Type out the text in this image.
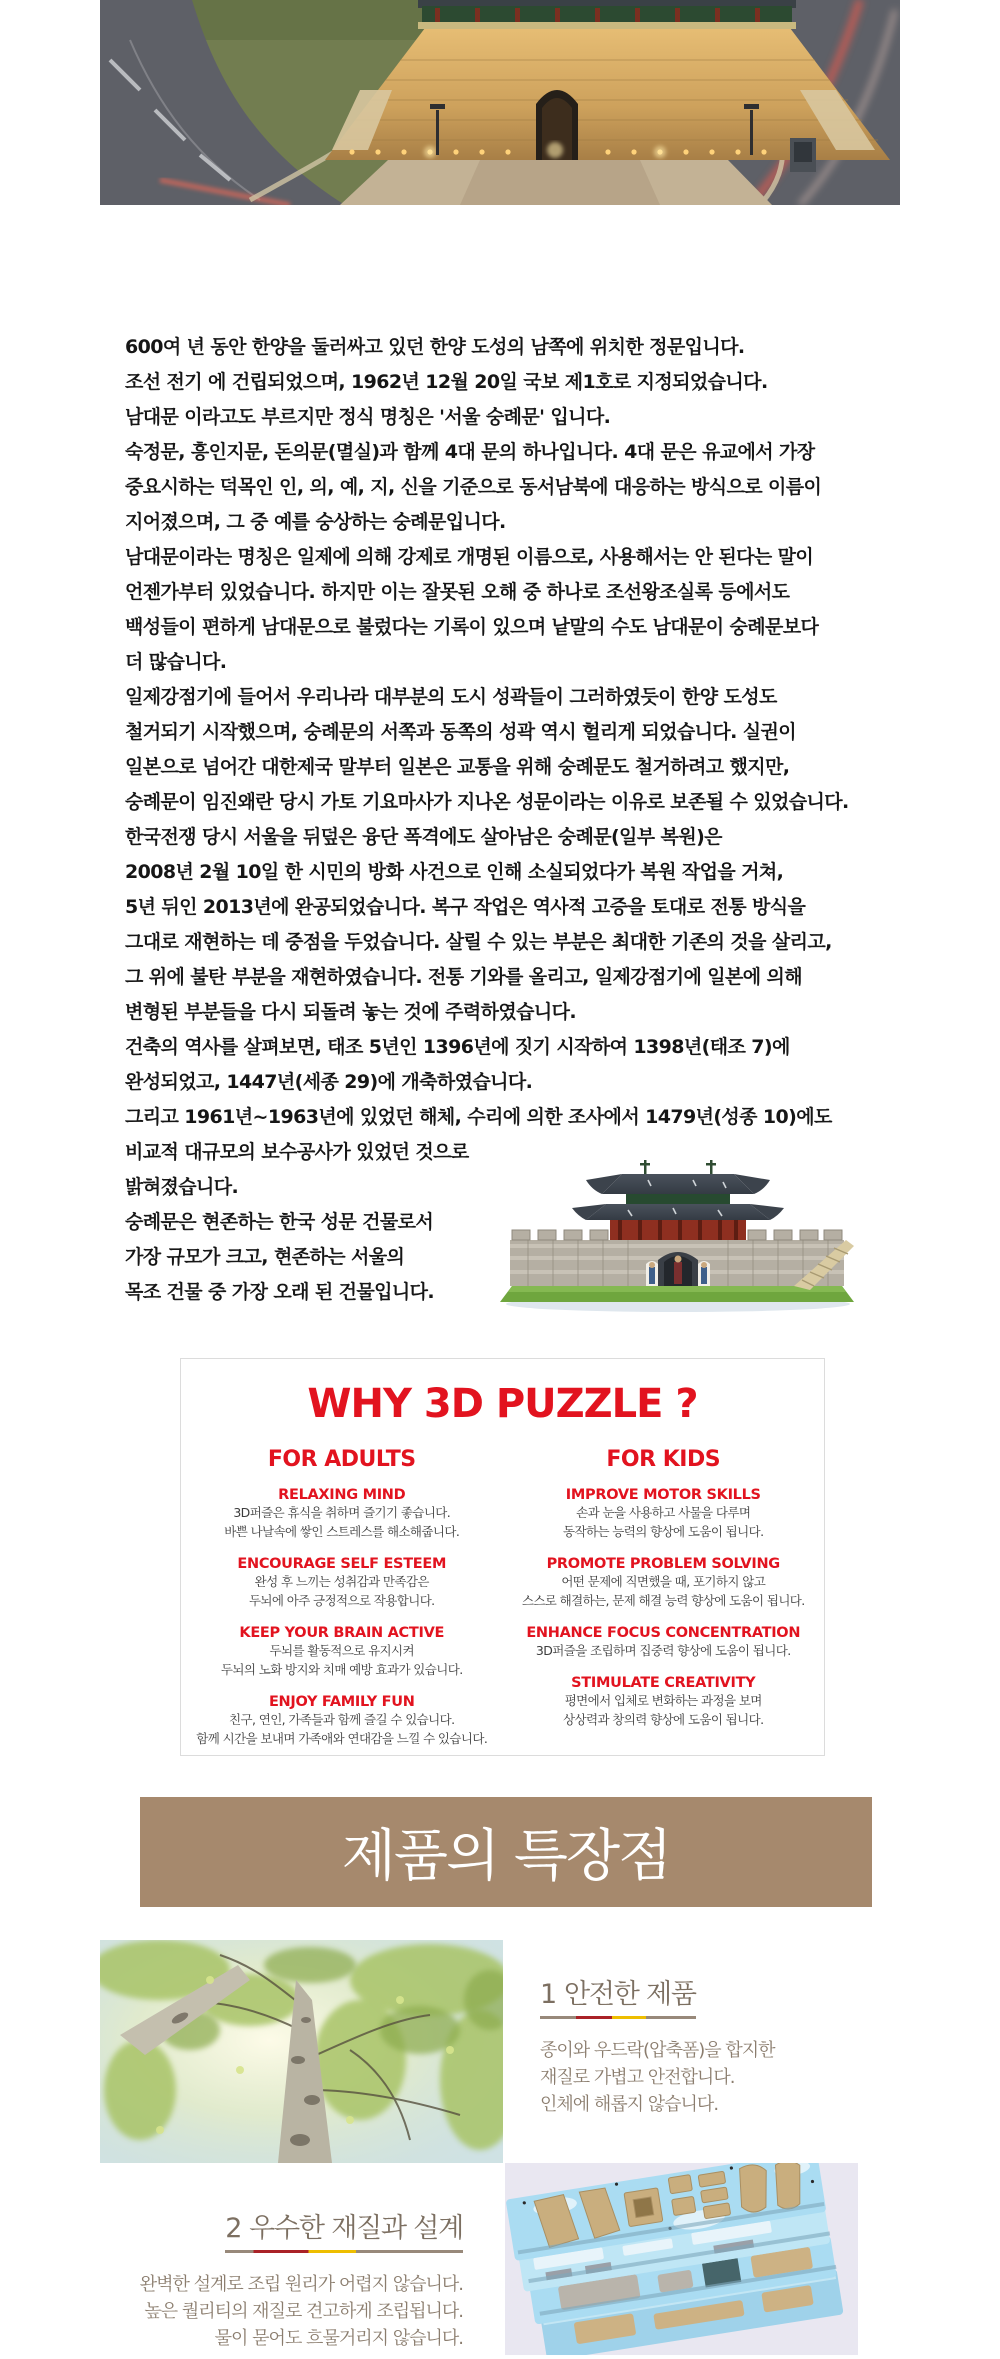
600여 년 동안 한양을 둘러싸고 있던 한양 도성의 남쪽에 위치한 정문입니다.
조선 전기 에 건립되었으며, 1962년 12월 20일 국보 제1호로 지정되었습니다.
남대문 이라고도 부르지만 정식 명칭은 '서울 숭례문' 입니다.
숙정문, 흥인지문, 돈의문(멸실)과 함께 4대 문의 하나입니다. 4대 문은 유교에서 가장
중요시하는 덕목인 인, 의, 예, 지, 신을 기준으로 동서남북에 대응하는 방식으로 이름이
지어졌으며, 그 중 예를 숭상하는 숭례문입니다.
남대문이라는 명칭은 일제에 의해 강제로 개명된 이름으로, 사용해서는 안 된다는 말이
언젠가부터 있었습니다. 하지만 이는 잘못된 오해 중 하나로 조선왕조실록 등에서도
백성들이 편하게 남대문으로 불렀다는 기록이 있으며 낱말의 수도 남대문이 숭례문보다
더 많습니다.
일제강점기에 들어서 우리나라 대부분의 도시 성곽들이 그러하였듯이 한양 도성도
철거되기 시작했으며, 숭례문의 서쪽과 동쪽의 성곽 역시 헐리게 되었습니다. 실권이
일본으로 넘어간 대한제국 말부터 일본은 교통을 위해 숭례문도 철거하려고 했지만,
숭례문이 임진왜란 당시 가토 기요마사가 지나온 성문이라는 이유로 보존될 수 있었습니다.
한국전쟁 당시 서울을 뒤덮은 융단 폭격에도 살아남은 숭례문(일부 복원)은
2008년 2월 10일 한 시민의 방화 사건으로 인해 소실되었다가 복원 작업을 거쳐,
5년 뒤인 2013년에 완공되었습니다. 복구 작업은 역사적 고증을 토대로 전통 방식을
그대로 재현하는 데 중점을 두었습니다. 살릴 수 있는 부분은 최대한 기존의 것을 살리고,
그 위에 불탄 부분을 재현하였습니다. 전통 기와를 올리고, 일제강점기에 일본에 의해
변형된 부분들을 다시 되돌려 놓는 것에 주력하였습니다.
건축의 역사를 살펴보면, 태조 5년인 1396년에 짓기 시작하여 1398년(태조 7)에
완성되었고, 1447년(세종 29)에 개축하였습니다.
그리고 1961년~1963년에 있었던 해체, 수리에 의한 조사에서 1479년(성종 10)에도
비교적 대규모의 보수공사가 있었던 것으로
밝혀졌습니다.
숭례문은 현존하는 한국 성문 건물로서
가장 규모가 크고, 현존하는 서울의
목조 건물 중 가장 오래 된 건물입니다.
WHY 3D PUZZLE ?
FOR ADULTS
RELAXING MIND
3D퍼즐은 휴식을 취하며 즐기기 좋습니다.
바쁜 나날속에 쌓인 스트레스를 해소해줍니다.
ENCOURAGE SELF ESTEEM
완성 후 느끼는 성취감과 만족감은
두뇌에 아주 긍정적으로 작용합니다.
KEEP YOUR BRAIN ACTIVE
두뇌를 활동적으로 유지시켜
두뇌의 노화 방지와 치매 예방 효과가 있습니다.
ENJOY FAMILY FUN
친구, 연인, 가족들과 함께 즐길 수 있습니다.
함께 시간을 보내며 가족애와 연대감을 느낄 수 있습니다.
FOR KIDS
IMPROVE MOTOR SKILLS
손과 눈을 사용하고 사물을 다루며
동작하는 능력의 향상에 도움이 됩니다.
PROMOTE PROBLEM SOLVING
어떤 문제에 직면했을 때, 포기하지 않고
스스로 해결하는, 문제 해결 능력 향상에 도움이 됩니다.
ENHANCE FOCUS CONCENTRATION
3D퍼즐을 조립하며 집중력 향상에 도움이 됩니다.
STIMULATE CREATIVITY
평면에서 입체로 변화하는 과정을 보며
상상력과 창의력 향상에 도움이 됩니다.
제품의 특장점
1 안전한 제품
종이와 우드락(압축폼)을 합지한
재질로 가볍고 안전합니다.
인체에 해롭지 않습니다.
2 우수한 재질과 설계
완벽한 설계로 조립 원리가 어렵지 않습니다.
높은 퀄리티의 재질로 견고하게 조립됩니다.
물이 묻어도 흐물거리지 않습니다.
